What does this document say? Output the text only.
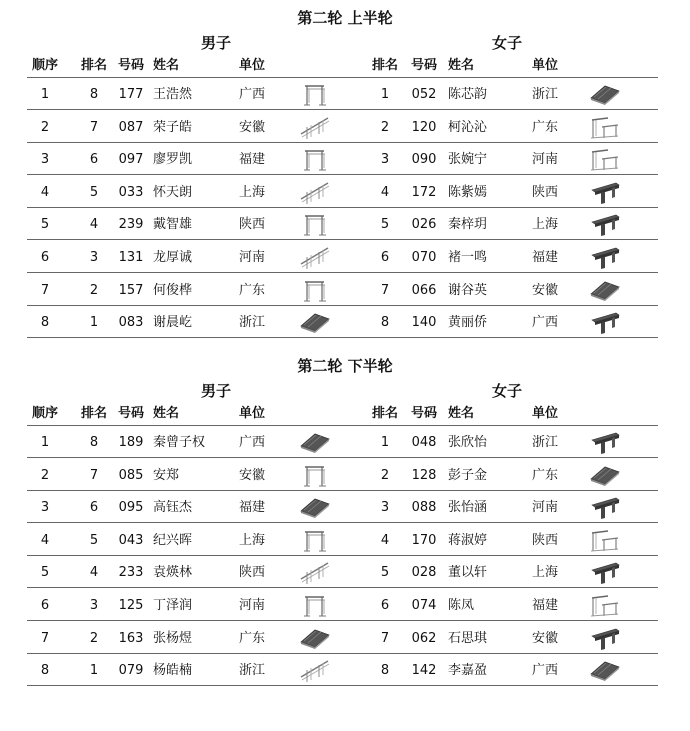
第二轮 上半轮
男子	女子
顺序	排名 号码 姓名	单位	排名 号码 姓名	单位
1	8	177 王浩然	广西	1	052 陈芯韵	浙江
2	7	087 荣子皓	安徽	2	120 柯沁沁	广东
3	6	097 廖罗凯	福建	3	090 张婉宁	河南
4	5	033 怀天朗	上海	4	172 陈紫嫣	陕西
5	4	239 戴智雄	陕西	5	026 秦梓玥	上海
6	3	131 龙厚诚	河南	6	070 褚一鸣	福建
7	2	157 何俊桦	广东	7	066 谢谷英	安徽
8	1	083 谢晨屹	浙江	8	140 黄丽侨	广西
第二轮 下半轮
男子	女子
顺序	排名 号码 姓名	单位	排名 号码 姓名	单位
1	8	189 秦曾子权	广西	1	048 张欣怡	浙江
2	7	085 安郑	安徽	2	128 彭子金	广东
3	6	095 高钰杰	福建	3	088 张怡涵	河南
4	5	043 纪兴晖	上海	4	170 蒋淑婷	陕西
5	4	233 袁煐林	陕西	5	028 董以轩	上海
6	3	125 丁泽润	河南	6	074 陈凤	福建
7	2	163 张杨煜	广东	7	062 石思琪	安徽
8	1	079 杨皓楠	浙江	8	142 李嘉盈	广西
